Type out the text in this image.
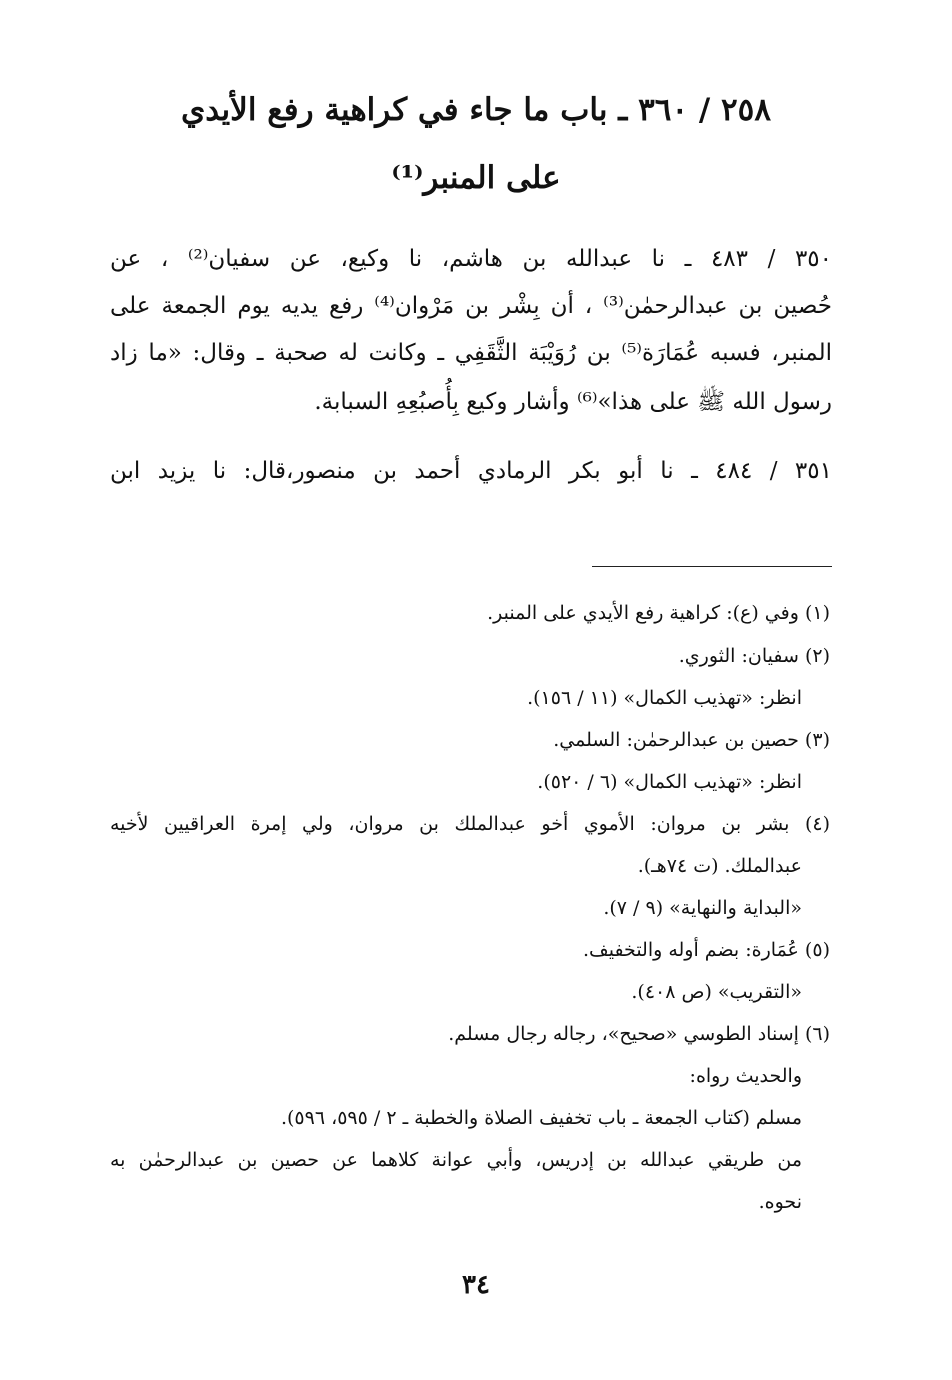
٢٥٨ / ٣٦٠ ـ باب ما جاء في كراهية رفع الأيدي
على المنبر⁽¹⁾
٣٥٠ / ٤٨٣ ـ نا عبدالله بن هاشم، نا وكيع، عن سفيان⁽²⁾ ، عن
حُصين بن عبدالرحمٰن⁽³⁾ ، أن بِشْر بن مَرْوان⁽⁴⁾ رفع يديه يوم الجمعة على
المنبر، فسبه عُمَارَة⁽⁵⁾ بن رُوَيْبَة الثَّقَفِي ـ وكانت له صحبة ـ وقال: «ما زاد
رسول الله ﷺ على هذا»⁽⁶⁾ وأشار وكيع بِأُصبُعِهِ السبابة.
٣٥١ / ٤٨٤ ـ نا أبو بكر الرمادي أحمد بن منصور،قال: نا يزيد ابن
(١) وفي (ع): كراهية رفع الأيدي على المنبر.
(٢) سفيان: الثوري.
انظر: «تهذيب الكمال» (١١ / ١٥٦).
(٣) حصين بن عبدالرحمٰن: السلمي.
انظر: «تهذيب الكمال» (٦ / ٥٢٠).
(٤) بشر بن مروان: الأموي أخو عبدالملك بن مروان، ولي إمرة العراقيين لأخيه
عبدالملك. (ت ٧٤هـ).
«البداية والنهاية» (٩ / ٧).
(٥) عُمَارة: بضم أوله والتخفيف.
«التقريب» (ص ٤٠٨).
(٦) إسناد الطوسي «صحيح»، رجاله رجال مسلم.
والحديث رواه:
مسلم (كتاب الجمعة ـ باب تخفيف الصلاة والخطبة ـ ٢ / ٥٩٥، ٥٩٦).
من طريقي عبدالله بن إدريس، وأبي عوانة كلاهما عن حصين بن عبدالرحمٰن به
نحوه.
٣٤
